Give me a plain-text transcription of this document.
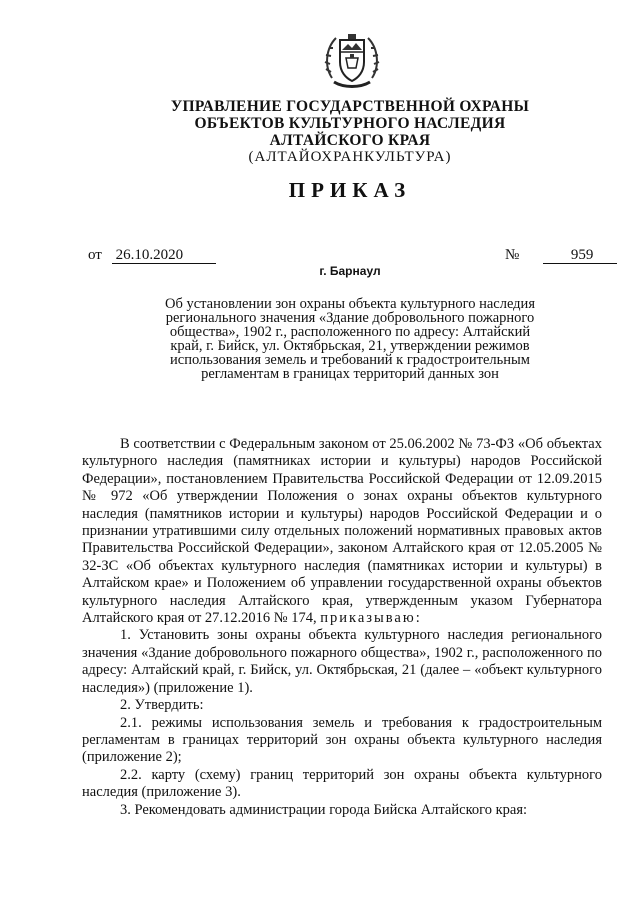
УПРАВЛЕНИЕ ГОСУДАРСТВЕННОЙ ОХРАНЫ
ОБЪЕКТОВ КУЛЬТУРНОГО НАСЛЕДИЯ
АЛТАЙСКОГО КРАЯ
(АЛТАЙОХРАНКУЛЬТУРА)
ПРИКАЗ
от 26.10.2020	№	959
г. Барнаул
Об установлении зон охраны объекта культурного наследия
регионального значения «Здание добровольного пожарного
общества», 1902 г., расположенного по адресу: Алтайский
край, г. Бийск, ул. Октябрьская, 21, утверждении режимов
использования земель и требований к градостроительным
регламентам в границах территорий данных зон

В соответствии с Федеральным законом от 25.06.2002 № 73-ФЗ «Об объектах культурного наследия (памятниках истории и культуры) народов Российской Федерации», постановлением Правительства Российской Федерации от 12.09.2015 № 972 «Об утверждении Положения о зонах охраны объектов культурного наследия (памятников истории и культуры) народов Российской Федерации и о признании утратившими силу отдельных положений нормативных правовых актов Правительства Российской Федерации», законом Алтайского края от 12.05.2005 № 32-ЗС «Об объектах культурного наследия (памятниках истории и культуры) в Алтайском крае» и Положением об управлении государственной охраны объектов культурного наследия Алтайского края, утвержденным указом Губернатора Алтайского края от 27.12.2016 № 174, приказываю:

1. Установить зоны охраны объекта культурного наследия регионального значения «Здание добровольного пожарного общества», 1902 г., расположенного по адресу: Алтайский край, г. Бийск, ул. Октябрьская, 21 (далее – «объект культурного наследия») (приложение 1).

2. Утвердить:

2.1. режимы использования земель и требования к градостроительным регламентам в границах территорий зон охраны объекта культурного наследия (приложение 2);

2.2. карту (схему) границ территорий зон охраны объекта культурного наследия (приложение 3).

3. Рекомендовать администрации города Бийска Алтайского края:
